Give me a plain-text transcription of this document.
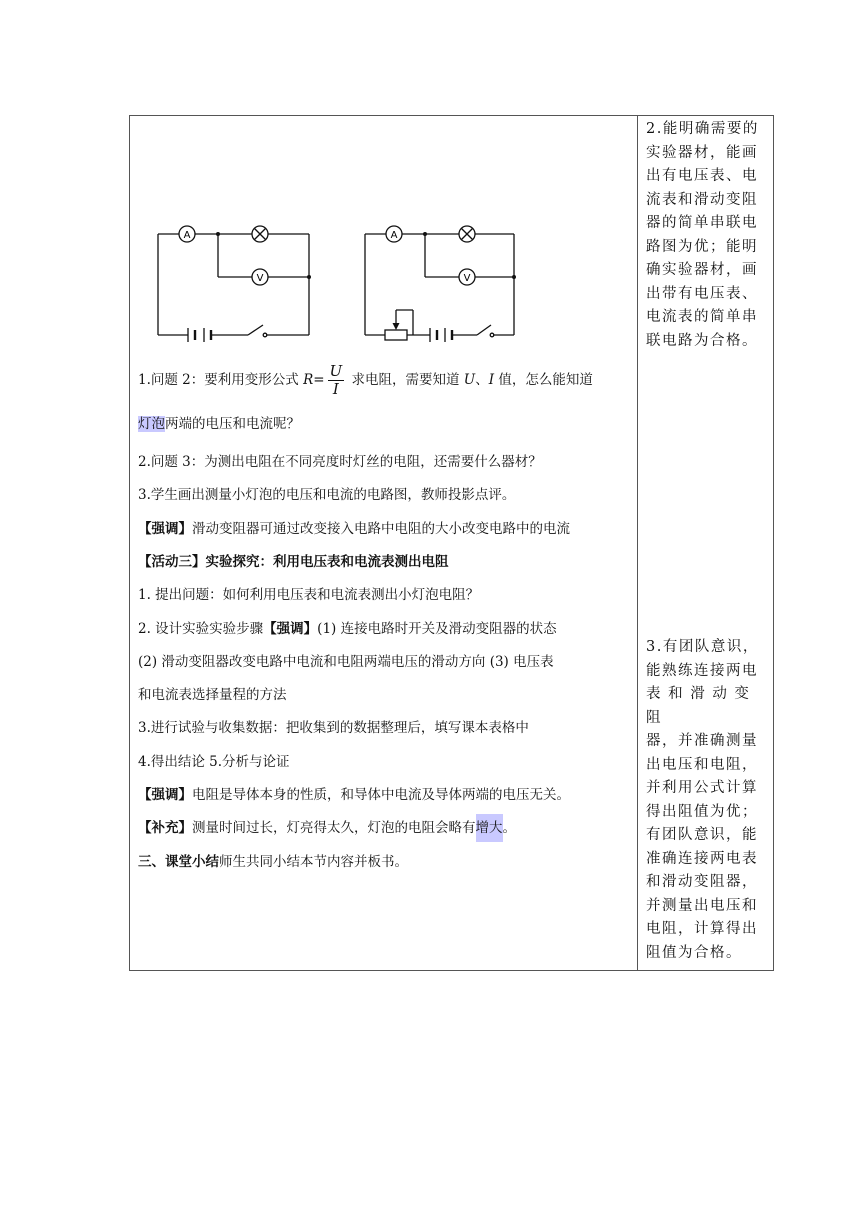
A
V
A
V
1.问题 2：要利用变形公式 $R= \frac{U}{I}$ 求电阻，需要知道 U、I 值，怎么能知道
灯泡两端的电压和电流呢？
2.问题 3：为测出电阻在不同亮度时灯丝的电阻，还需要什么器材？
3.学生画出测量小灯泡的电压和电流的电路图，教师投影点评。
【强调】滑动变阻器可通过改变接入电路中电阻的大小改变电路中的电流
【活动三】实验探究：利用电压表和电流表测出电阻
1. 提出问题：如何利用电压表和电流表测出小灯泡电阻？
2. 设计实验实验步骤【强调】(1) 连接电路时开关及滑动变阻器的状态
(2) 滑动变阻器改变电路中电流和电阻两端电压的滑动方向 (3) 电压表
和电流表选择量程的方法
3.进行试验与收集数据：把收集到的数据整理后，填写课本表格中
4.得出结论 5.分析与论证
【强调】电阻是导体本身的性质，和导体中电流及导体两端的电压无关。
【补充】测量时间过长，灯亮得太久，灯泡的电阻会略有增大。
三、课堂小结师生共同小结本节内容并板书。
2.能明确需要的
实验器材，能画
出有电压表、电
流表和滑动变阻
器的简单串联电
路图为优；能明
确实验器材，画
出带有电压表、
电流表的简单串
联电路为合格。
3.有团队意识，
能熟练连接两电
表 和 滑 动 变 阻
器，并准确测量
出电压和电阻，
并利用公式计算
得出阻值为优；
有团队意识，能
准确连接两电表
和滑动变阻器，
并测量出电压和
电阻，计算得出
阻值为合格。
